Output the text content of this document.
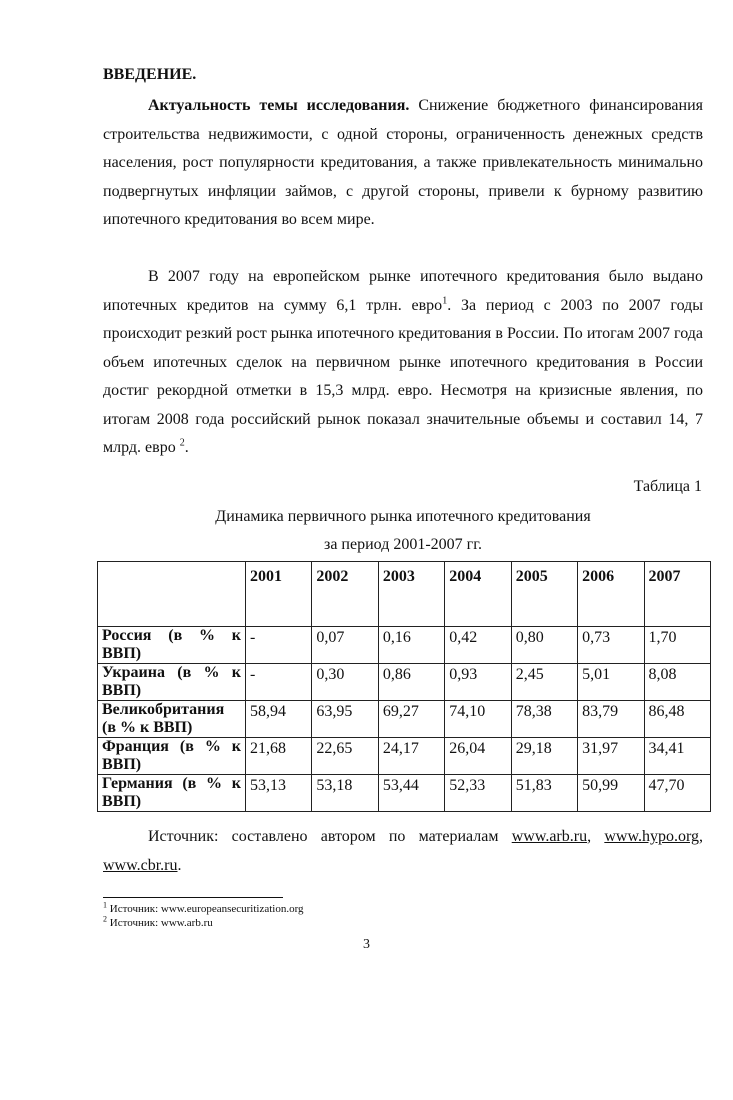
ВВЕДЕНИЕ.

Актуальность темы исследования. Снижение бюджетного финансирования строительства недвижимости, с одной стороны, ограниченность денежных средств населения, рост популярности кредитования, а также привлекательность минимально подвергнутых инфляции займов, с другой стороны, привели к бурному развитию ипотечного кредитования во всем мире.

В 2007 году на европейском рынке ипотечного кредитования было выдано ипотечных кредитов на сумму 6,1 трлн. евро$^1$. За период с 2003 по 2007 годы происходит резкий рост рынка ипотечного кредитования в России. По итогам 2007 года объем ипотечных сделок на первичном рынке ипотечного кредитования в России достиг рекордной отметки в 15,3 млрд. евро. Несмотря на кризисные явления, по итогам 2008 года российский рынок показал значительные объемы и составил 14, 7 млрд. евро $^2$.

Таблица 1

Динамика первичного рынка ипотечного кредитования

за период 2001-2007 гг.

	2001	2002	2003	2004	2005	2006	2007
Россия (в % к ВВП)	-	0,07	0,16	0,42	0,80	0,73	1,70
Украина (в % к ВВП)	-	0,30	0,86	0,93	2,45	5,01	8,08
Великобритания (в % к ВВП)	58,94	63,95	69,27	74,10	78,38	83,79	86,48
Франция (в % к ВВП)	21,68	22,65	24,17	26,04	29,18	31,97	34,41
Германия (в % к ВВП)	53,13	53,18	53,44	52,33	51,83	50,99	47,70

Источник: составлено автором по материалам www.arb.ru, www.hypo.org, www.cbr.ru.

$^1$ Источник: www.europeansecuritization.org

$^2$ Источник: www.arb.ru

3
